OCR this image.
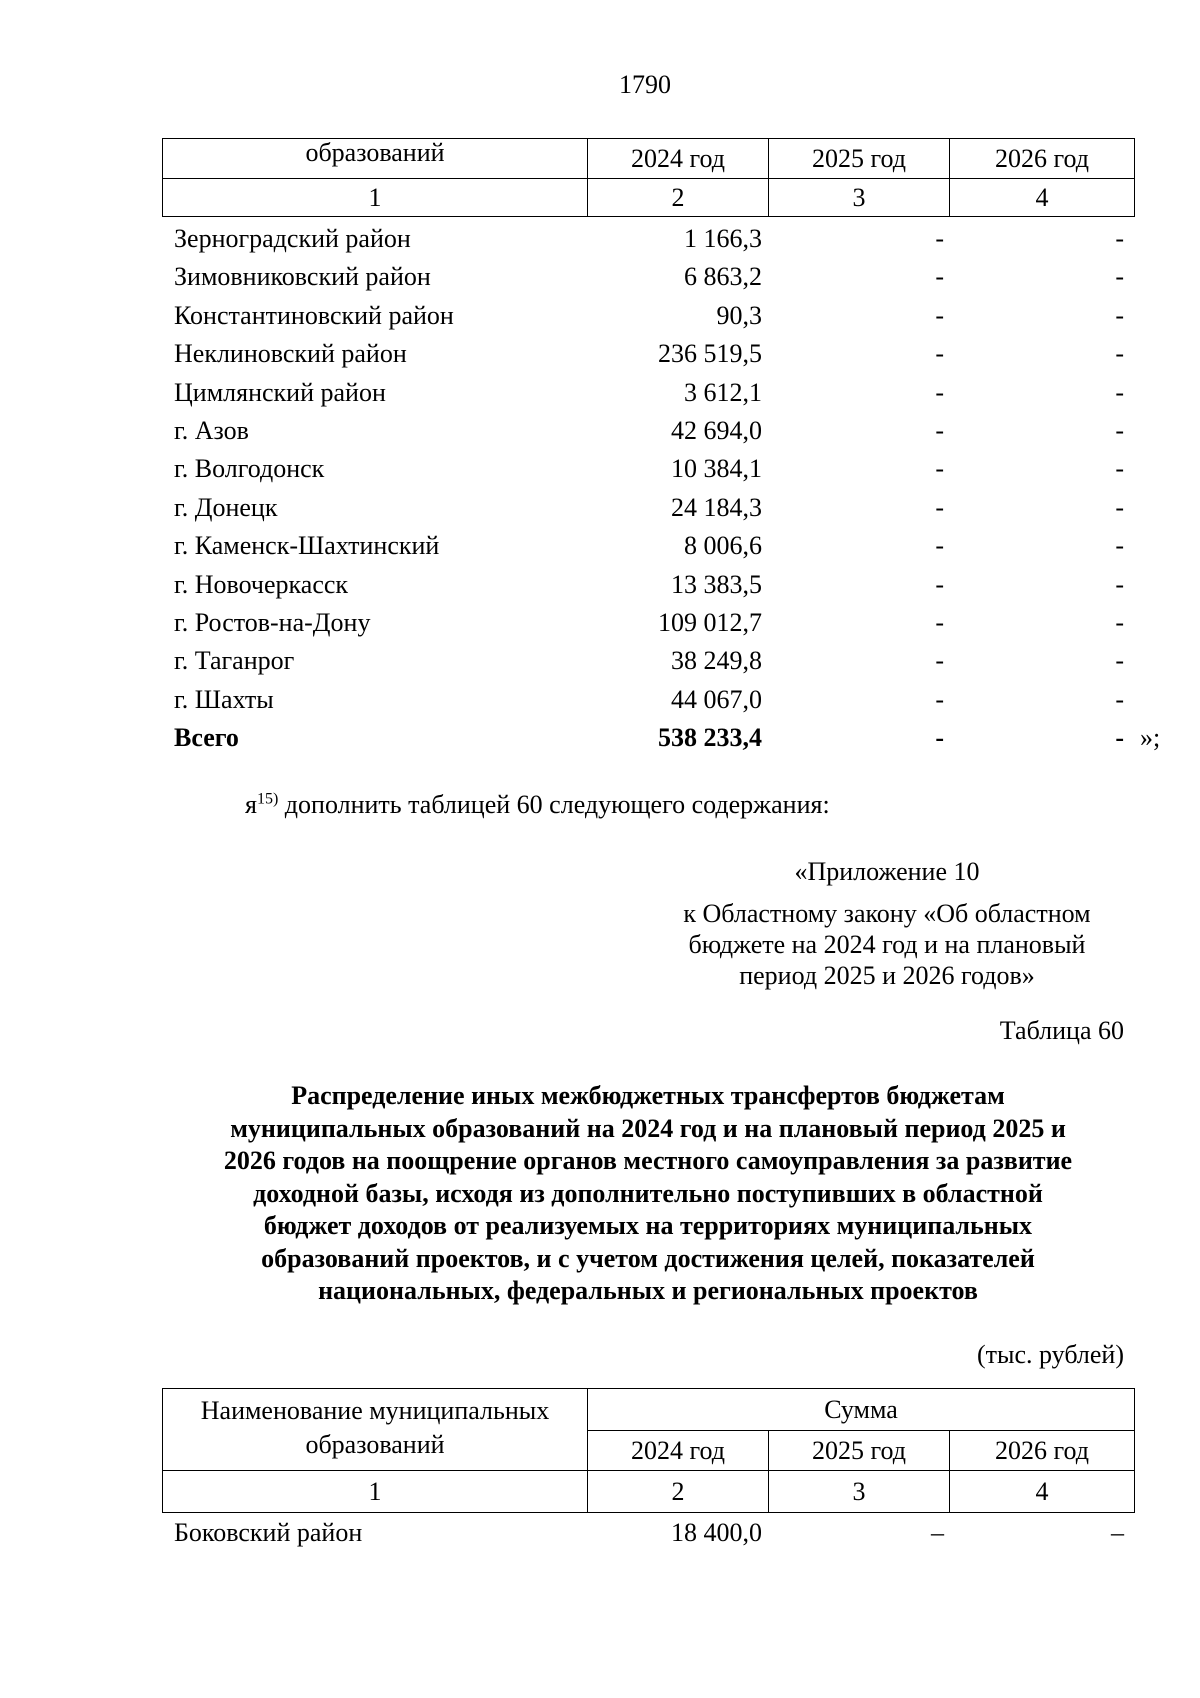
1790
образований	2024 год	2025 год	2026 год
1	2	3	4
Зерноградский район	1 166,3	-	-
Зимовниковский район	6 863,2	-	-
Константиновский район	90,3	-	-
Неклиновский район	236 519,5	-	-
Цимлянский район	3 612,1	-	-
г. Азов	42 694,0	-	-
г. Волгодонск	10 384,1	-	-
г. Донецк	24 184,3	-	-
г. Каменск-Шахтинский	8 006,6	-	-
г. Новочеркасск	13 383,5	-	-
г. Ростов-на-Дону	109 012,7	-	-
г. Таганрог	38 249,8	-	-
г. Шахты	44 067,0	-	-
Всего	538 233,4	-	- »;
$я^{15)}$ дополнить таблицей 60 следующего содержания:
«Приложение 10
к Областному закону «Об областном
бюджете на 2024 год и на плановый
период 2025 и 2026 годов»
Таблица 60
Распределение иных межбюджетных трансфертов бюджетам
муниципальных образований на 2024 год и на плановый период 2025 и
2026 годов на поощрение органов местного самоуправления за развитие
доходной базы, исходя из дополнительно поступивших в областной
бюджет доходов от реализуемых на территориях муниципальных
образований проектов, и с учетом достижения целей, показателей
национальных, федеральных и региональных проектов
(тыс. рублей)
Наименование муниципальных
образований	Сумма		
	2024 год	2025 год	2026 год
1	2	3	4
Боковский район	18 400,0	–	–
